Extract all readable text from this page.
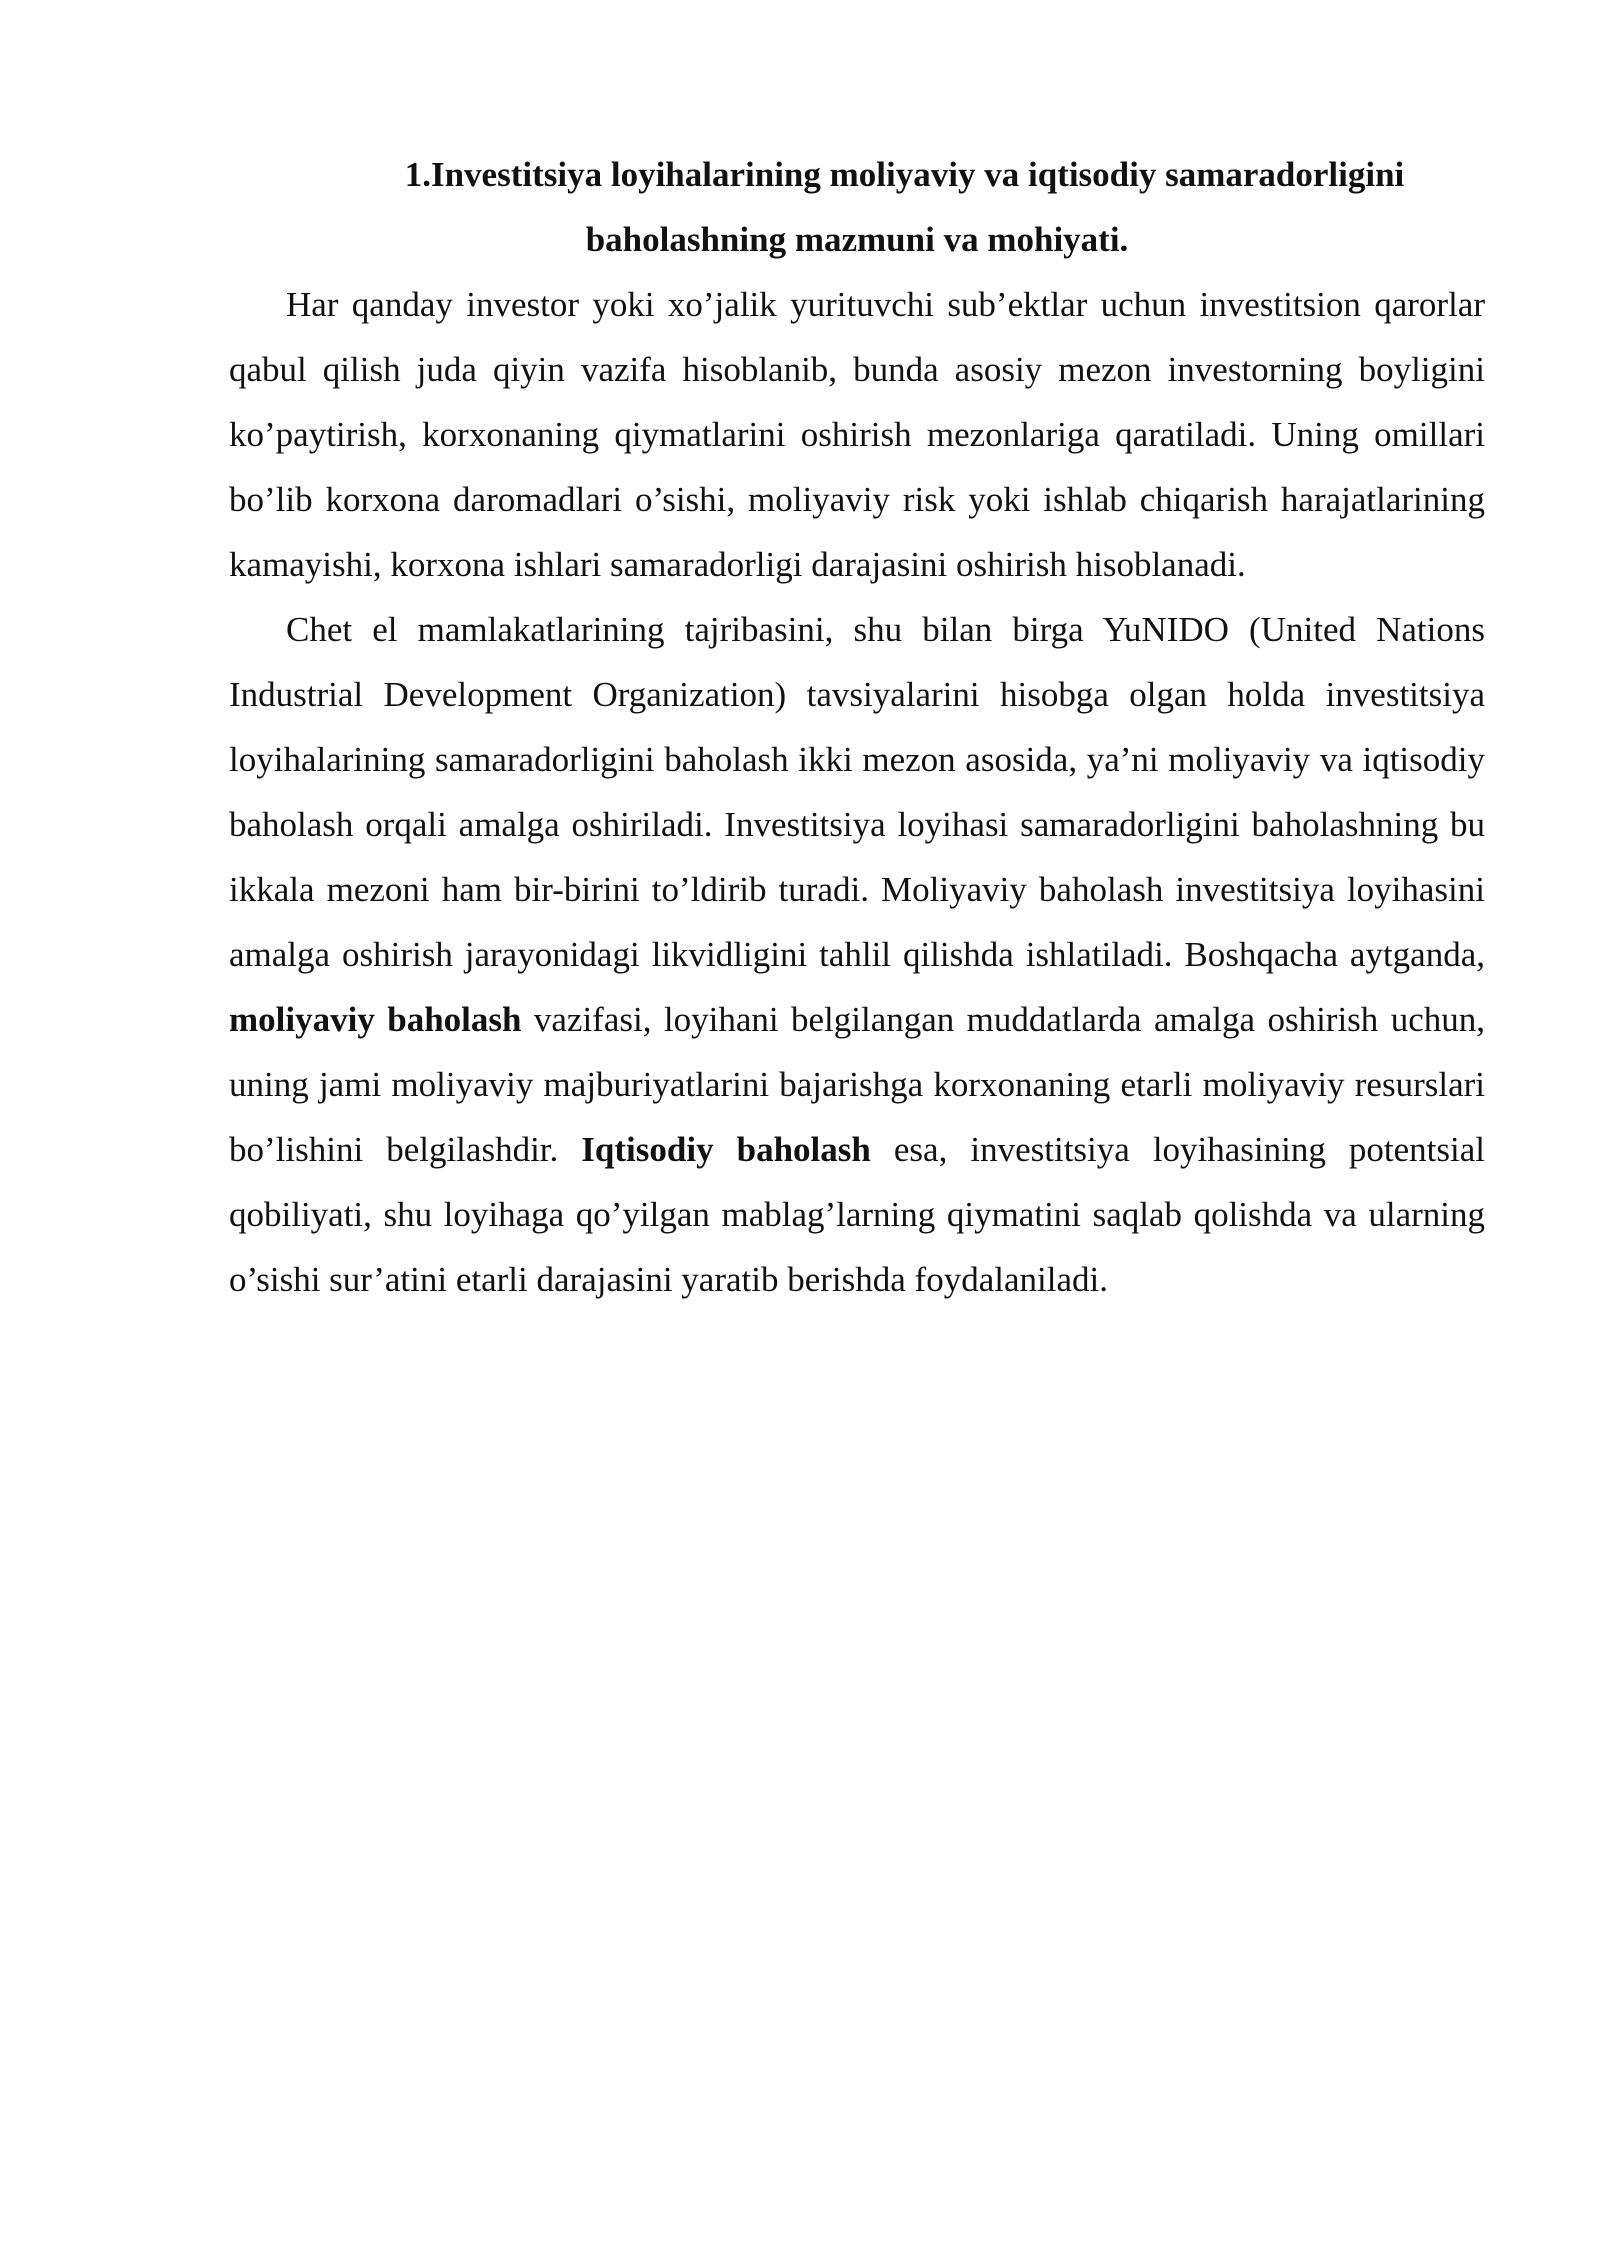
1.Investitsiya loyihalarining moliyaviy va iqtisodiy samaradorligini
baholashning mazmuni va mohiyati.

Har qanday investor yoki xo’jalik yurituvchi sub’ektlar uchun investitsion qarorlar qabul qilish juda qiyin vazifa hisoblanib, bunda asosiy mezon investorning boyligini ko’paytirish, korxonaning qiymatlarini oshirish mezonlariga qaratiladi. Uning omillari bo’lib korxona daromadlari o’sishi, moliyaviy risk yoki ishlab chiqarish harajatlarining kamayishi, korxona ishlari samaradorligi darajasini oshirish hisoblanadi.

Chet el mamlakatlarining tajribasini, shu bilan birga YuNIDO (United Nations Industrial Development Organization) tavsiyalarini hisobga olgan holda investitsiya loyihalarining samaradorligini baholash ikki mezon asosida, ya’ni moliyaviy va iqtisodiy baholash orqali amalga oshiriladi. Investitsiya loyihasi samaradorligini baholashning bu ikkala mezoni ham bir-birini to’ldirib turadi. Moliyaviy baholash investitsiya loyihasini amalga oshirish jarayonidagi likvidligini tahlil qilishda ishlatiladi. Boshqacha aytganda, moliyaviy baholash vazifasi, loyihani belgilangan muddatlarda amalga oshirish uchun, uning jami moliyaviy majburiyatlarini bajarishga korxonaning etarli moliyaviy resurslari bo’lishini belgilashdir. Iqtisodiy baholash esa, investitsiya loyihasining potentsial qobiliyati, shu loyihaga qo’yilgan mablag’larning qiymatini saqlab qolishda va ularning o’sishi sur’atini etarli darajasini yaratib berishda foydalaniladi.
